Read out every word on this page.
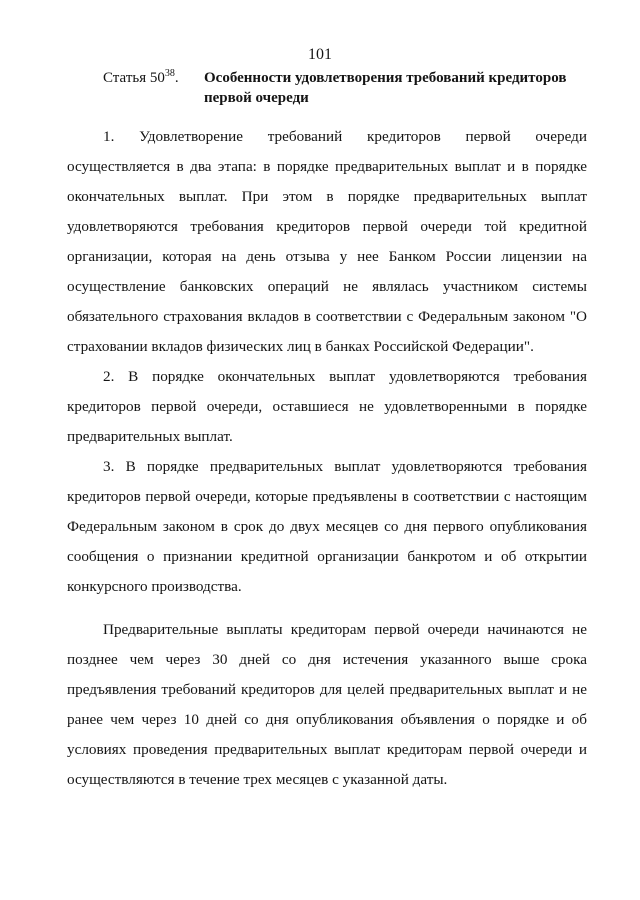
101
Статья $50^{38}$. Особенности удовлетворения требований кредиторов первой очереди

1. Удовлетворение требований кредиторов первой очереди осуществляется в два этапа: в порядке предварительных выплат и в порядке окончательных выплат. При этом в порядке предварительных выплат удовлетворяются требования кредиторов первой очереди той кредитной организации, которая на день отзыва у нее Банком России лицензии на осуществление банковских операций не являлась участником системы обязательного страхования вкладов в соответствии с Федеральным законом "О страховании вкладов физических лиц в банках Российской Федерации".

2. В порядке окончательных выплат удовлетворяются требования кредиторов первой очереди, оставшиеся не удовлетворенными в порядке предварительных выплат.

3. В порядке предварительных выплат удовлетворяются требования кредиторов первой очереди, которые предъявлены в соответствии с настоящим Федеральным законом в срок до двух месяцев со дня первого опубликования сообщения о признании кредитной организации банкротом и об открытии конкурсного производства.

Предварительные выплаты кредиторам первой очереди начинаются не позднее чем через 30 дней со дня истечения указанного выше срока предъявления требований кредиторов для целей предварительных выплат и не ранее чем через 10 дней со дня опубликования объявления о порядке и об условиях проведения предварительных выплат кредиторам первой очереди и осуществляются в течение трех месяцев с указанной даты.
